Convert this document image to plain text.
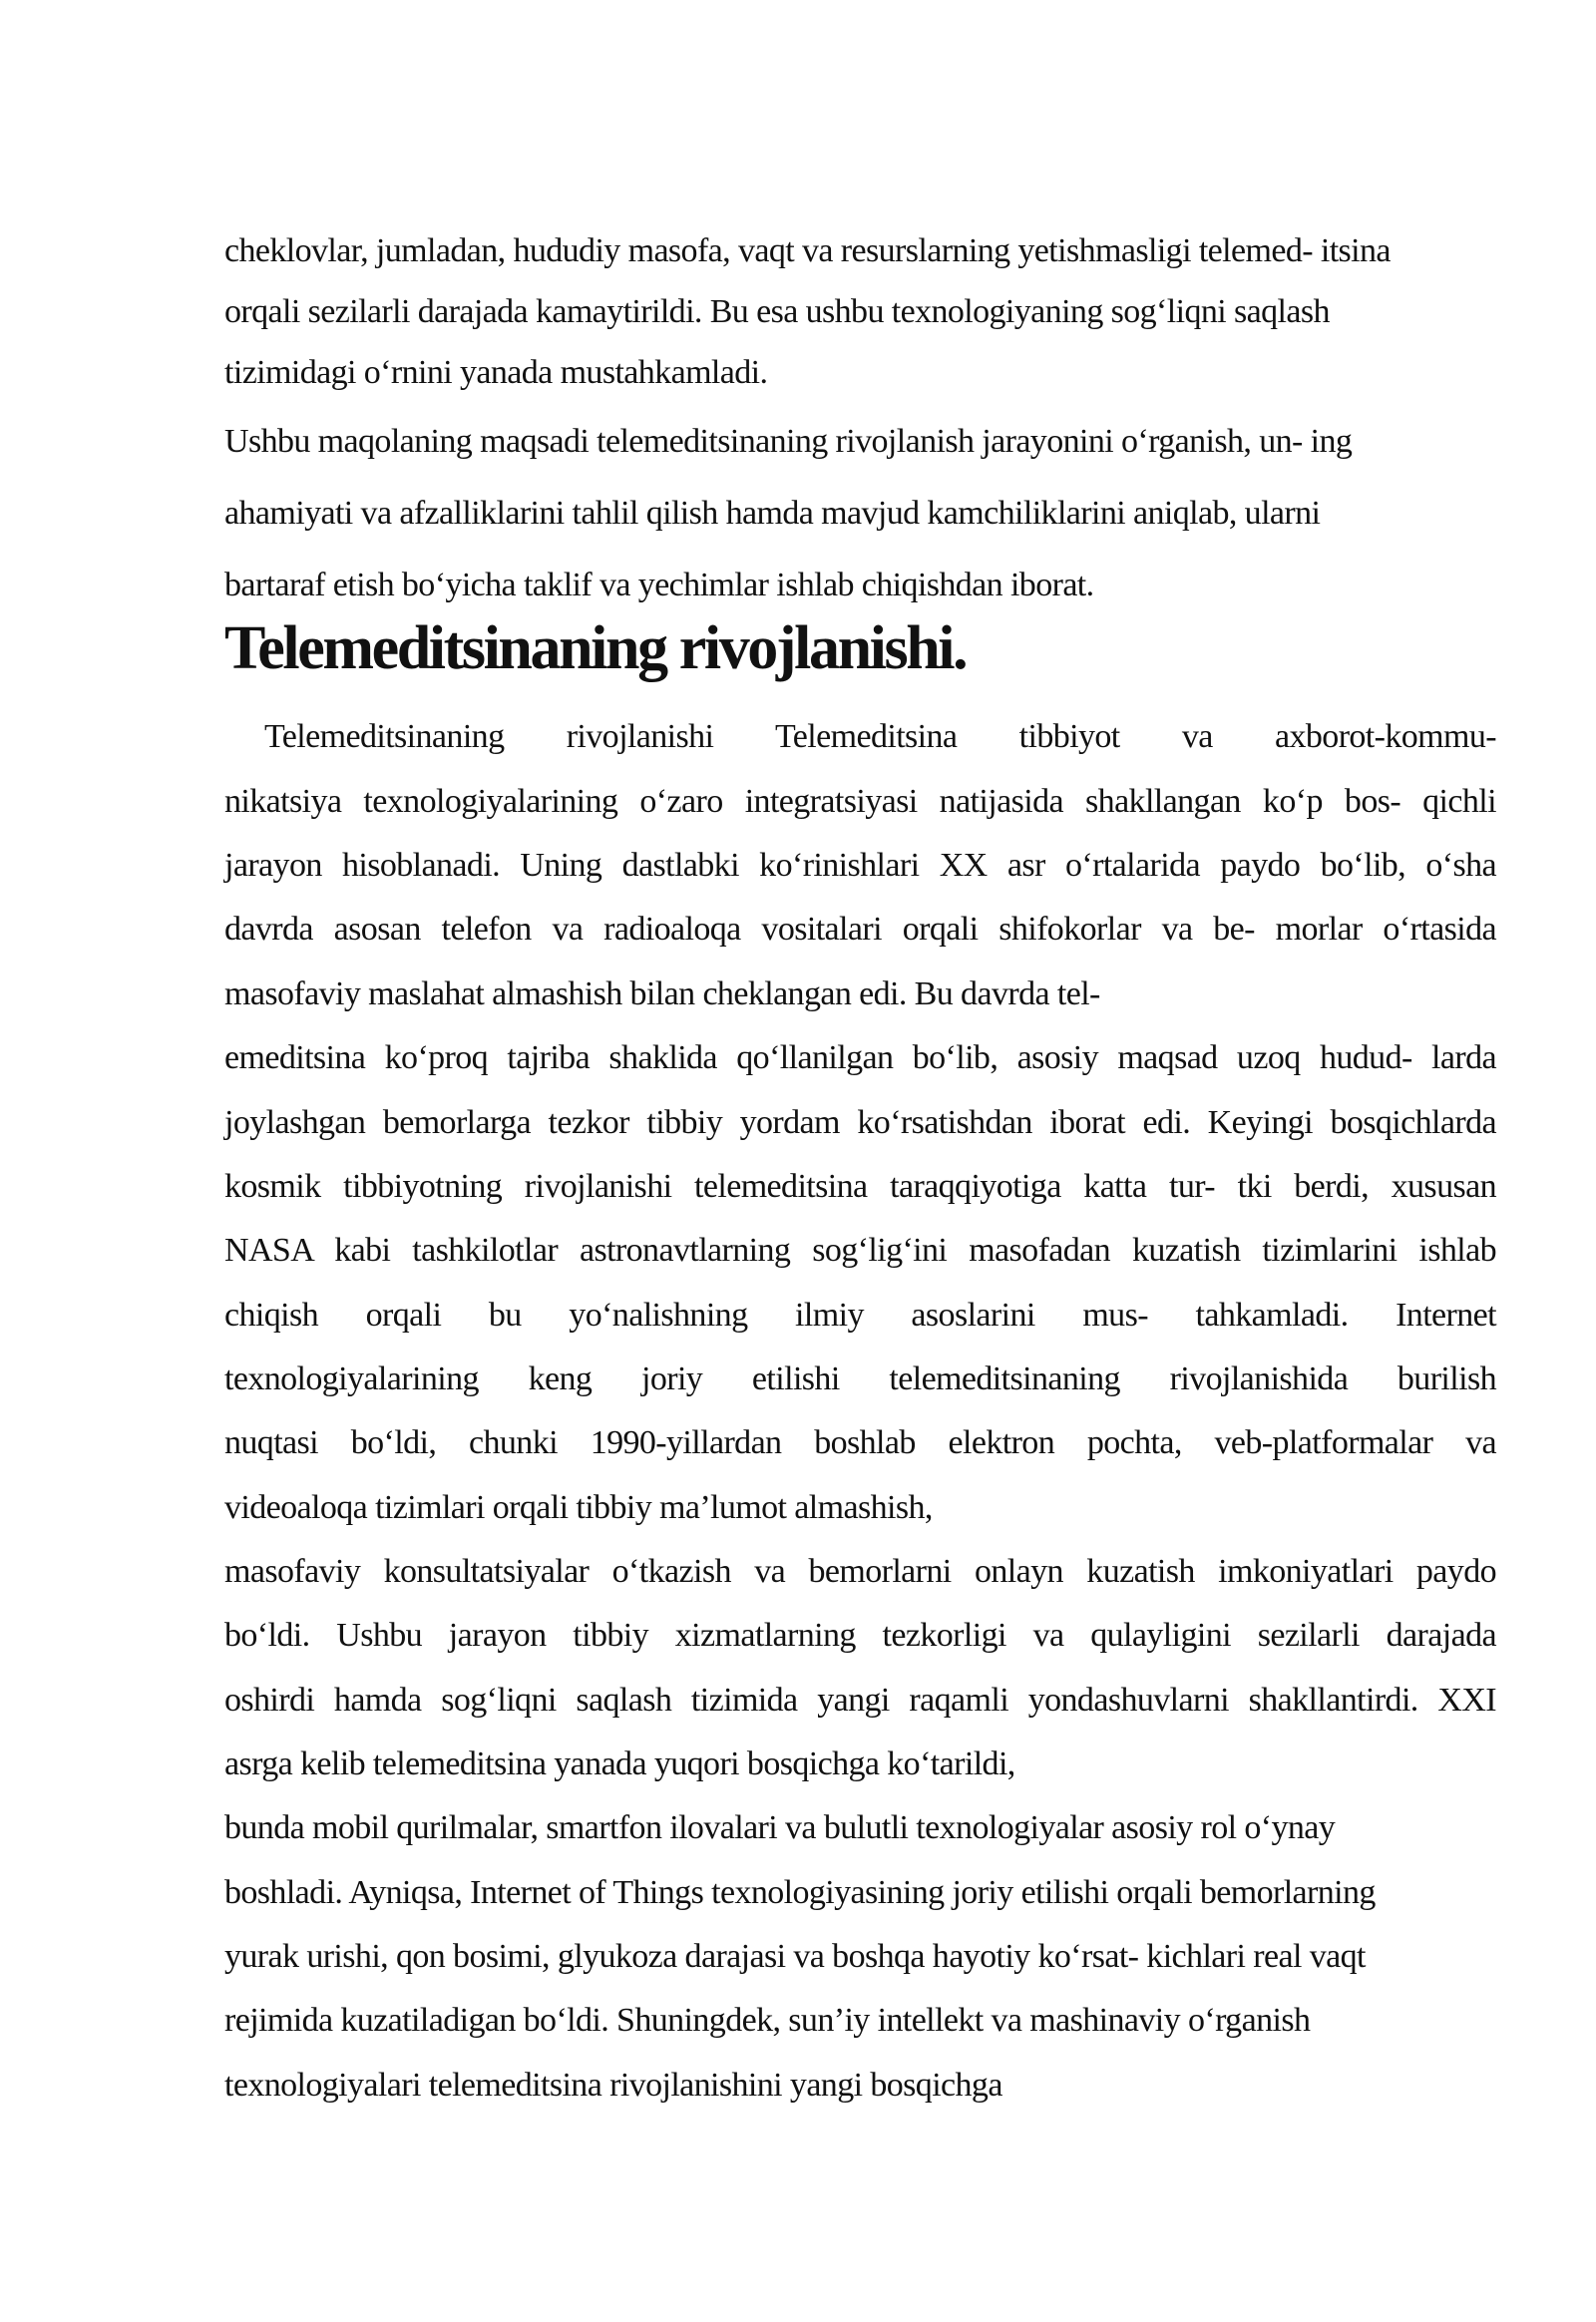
cheklovlar, jumladan, hududiy masofa, vaqt va resurslarning yetishmasligi telemed- itsina
orqali sezilarli darajada kamaytirildi. Bu esa ushbu texnologiyaning sog‘liqni saqlash
tizimidagi o‘rnini yanada mustahkamladi.
Ushbu maqolaning maqsadi telemeditsinaning rivojlanish jarayonini o‘rganish, un- ing
ahamiyati va afzalliklarini tahlil qilish hamda mavjud kamchiliklarini aniqlab, ularni
bartaraf etish bo‘yicha taklif va yechimlar ishlab chiqishdan iborat.
Telemeditsinaning rivojlanishi.
Telemeditsinaning rivojlanishi Telemeditsina tibbiyot va axborot-kommu-
nikatsiya texnologiyalarining o‘zaro integratsiyasi natijasida shakllangan ko‘p bos- qichli
jarayon hisoblanadi. Uning dastlabki ko‘rinishlari XX asr o‘rtalarida paydo bo‘lib, o‘sha
davrda asosan telefon va radioaloqa vositalari orqali shifokorlar va be- morlar o‘rtasida
masofaviy maslahat almashish bilan cheklangan edi. Bu davrda tel-
emeditsina ko‘proq tajriba shaklida qo‘llanilgan bo‘lib, asosiy maqsad uzoq hudud- larda
joylashgan bemorlarga tezkor tibbiy yordam ko‘rsatishdan iborat edi. Keyingi bosqichlarda
kosmik tibbiyotning rivojlanishi telemeditsina taraqqiyotiga katta tur- tki berdi, xususan
NASA kabi tashkilotlar astronavtlarning sog‘lig‘ini masofadan kuzatish tizimlarini ishlab
chiqish orqali bu yo‘nalishning ilmiy asoslarini mus- tahkamladi. Internet
texnologiyalarining keng joriy etilishi telemeditsinaning rivojlanishida burilish
nuqtasi bo‘ldi, chunki 1990-yillardan boshlab elektron pochta, veb-platformalar va
videoaloqa tizimlari orqali tibbiy ma’lumot almashish,
masofaviy konsultatsiyalar o‘tkazish va bemorlarni onlayn kuzatish imkoniyatlari paydo
bo‘ldi. Ushbu jarayon tibbiy xizmatlarning tezkorligi va qulayligini sezilarli darajada
oshirdi hamda sog‘liqni saqlash tizimida yangi raqamli yondashuvlarni shakllantirdi. XXI
asrga kelib telemeditsina yanada yuqori bosqichga ko‘tarildi,
bunda mobil qurilmalar, smartfon ilovalari va bulutli texnologiyalar asosiy rol o‘ynay
boshladi. Ayniqsa, Internet of Things texnologiyasining joriy etilishi orqali bemorlarning
yurak urishi, qon bosimi, glyukoza darajasi va boshqa hayotiy ko‘rsat- kichlari real vaqt
rejimida kuzatiladigan bo‘ldi. Shuningdek, sun’iy intellekt va mashinaviy o‘rganish
texnologiyalari telemeditsina rivojlanishini yangi bosqichga
